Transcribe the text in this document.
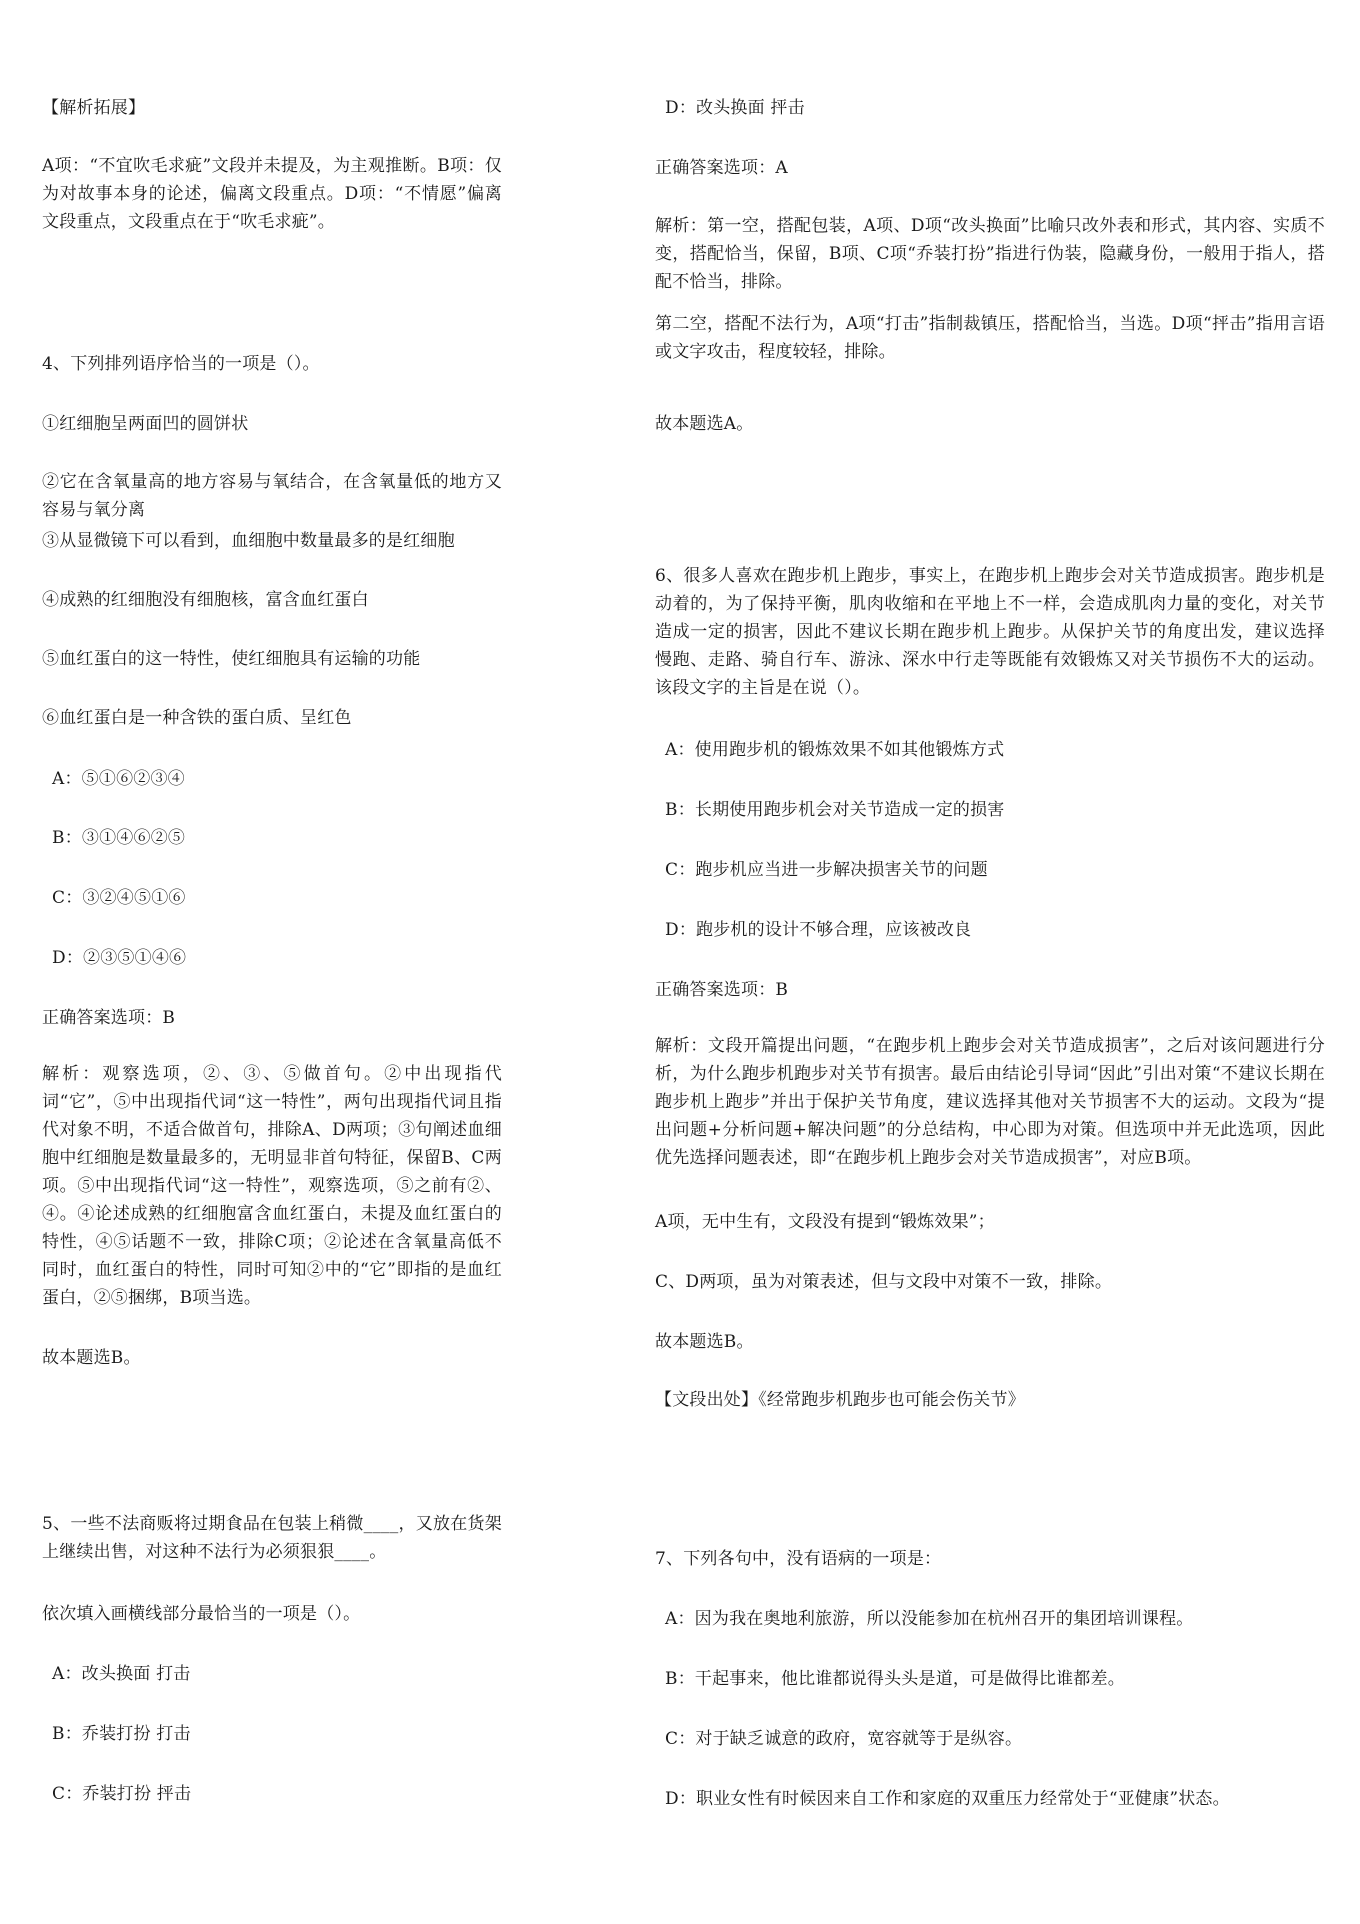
【解析拓展】

A项：“不宜吹毛求疵”文段并未提及，为主观推断。B项：仅为对故事本身的论述，偏离文段重点。D项：“不情愿”偏离文段重点，文段重点在于“吹毛求疵”。

4、下列排列语序恰当的一项是（）。

①红细胞呈两面凹的圆饼状

②它在含氧量高的地方容易与氧结合，在含氧量低的地方又容易与氧分离

③从显微镜下可以看到，血细胞中数量最多的是红细胞

④成熟的红细胞没有细胞核，富含血红蛋白

⑤血红蛋白的这一特性，使红细胞具有运输的功能

⑥血红蛋白是一种含铁的蛋白质、呈红色

A：⑤①⑥②③④

B：③①④⑥②⑤

C：③②④⑤①⑥

D：②③⑤①④⑥

正确答案选项：B

解析：观察选项，②、③、⑤做首句。②中出现指代词“它”，⑤中出现指代词“这一特性”，两句出现指代词且指代对象不明，不适合做首句，排除A、D两项；③句阐述血细胞中红细胞是数量最多的，无明显非首句特征，保留B、C两项。⑤中出现指代词“这一特性”，观察选项，⑤之前有②、④。④论述成熟的红细胞富含血红蛋白，未提及血红蛋白的特性，④⑤话题不一致，排除C项；②论述在含氧量高低不同时，血红蛋白的特性，同时可知②中的“它”即指的是血红蛋白，②⑤捆绑，B项当选。

故本题选B。

5、一些不法商贩将过期食品在包装上稍微____，又放在货架上继续出售，对这种不法行为必须狠狠____。

依次填入画横线部分最恰当的一项是（）。

A：改头换面 打击

B：乔装打扮 打击

C：乔装打扮 抨击

D：改头换面 抨击

正确答案选项：A

解析：第一空，搭配包装，A项、D项“改头换面”比喻只改外表和形式，其内容、实质不变，搭配恰当，保留，B项、C项“乔装打扮”指进行伪装，隐藏身份，一般用于指人，搭配不恰当，排除。

第二空，搭配不法行为，A项“打击”指制裁镇压，搭配恰当，当选。D项“抨击”指用言语或文字攻击，程度较轻，排除。

故本题选A。

6、很多人喜欢在跑步机上跑步，事实上，在跑步机上跑步会对关节造成损害。跑步机是动着的，为了保持平衡，肌肉收缩和在平地上不一样，会造成肌肉力量的变化，对关节造成一定的损害，因此不建议长期在跑步机上跑步。从保护关节的角度出发，建议选择慢跑、走路、骑自行车、游泳、深水中行走等既能有效锻炼又对关节损伤不大的运动。该段文字的主旨是在说（）。

A：使用跑步机的锻炼效果不如其他锻炼方式

B：长期使用跑步机会对关节造成一定的损害

C：跑步机应当进一步解决损害关节的问题

D：跑步机的设计不够合理，应该被改良

正确答案选项：B

解析：文段开篇提出问题，“在跑步机上跑步会对关节造成损害”，之后对该问题进行分析，为什么跑步机跑步对关节有损害。最后由结论引导词“因此”引出对策“不建议长期在跑步机上跑步”并出于保护关节角度，建议选择其他对关节损害不大的运动。文段为“提出问题+分析问题+解决问题”的分总结构，中心即为对策。但选项中并无此选项，因此优先选择问题表述，即“在跑步机上跑步会对关节造成损害”，对应B项。

A项，无中生有，文段没有提到“锻炼效果”；

C、D两项，虽为对策表述，但与文段中对策不一致，排除。

故本题选B。

【文段出处】《经常跑步机跑步也可能会伤关节》

7、下列各句中，没有语病的一项是：

A：因为我在奥地利旅游，所以没能参加在杭州召开的集团培训课程。

B：干起事来，他比谁都说得头头是道，可是做得比谁都差。

C：对于缺乏诚意的政府，宽容就等于是纵容。

D：职业女性有时候因来自工作和家庭的双重压力经常处于“亚健康”状态。
